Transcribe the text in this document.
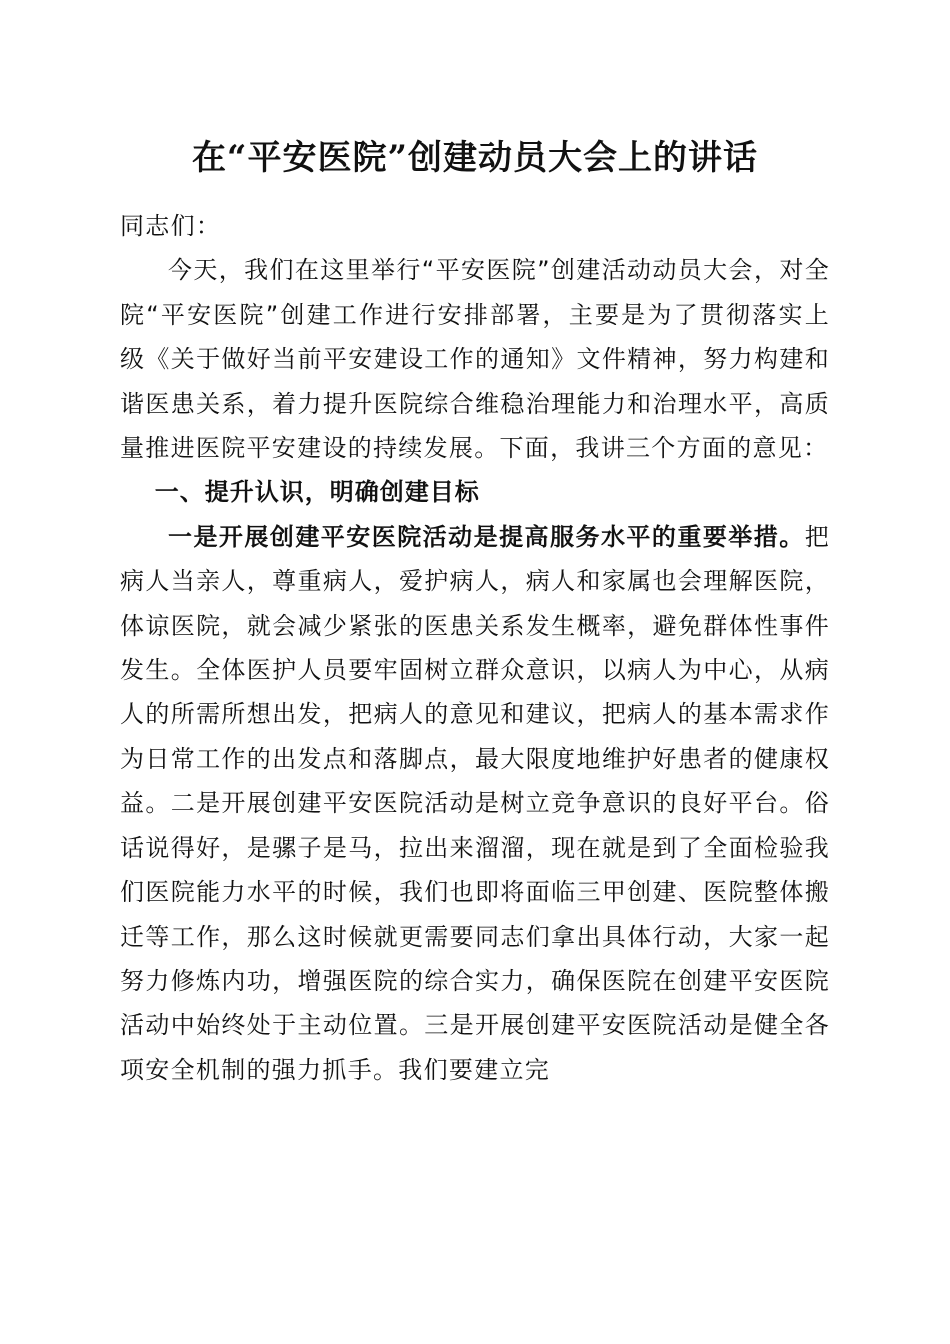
在“平安医院”创建动员大会上的讲话

同志们：

今天，我们在这里举行“平安医院”创建活动动员大会，对全院“平安医院”创建工作进行安排部署，主要是为了贯彻落实上级《关于做好当前平安建设工作的通知》文件精神，努力构建和谐医患关系，着力提升医院综合维稳治理能力和治理水平，高质量推进医院平安建设的持续发展。下面，我讲三个方面的意见：

一、提升认识，明确创建目标

一是开展创建平安医院活动是提高服务水平的重要举措。把病人当亲人，尊重病人，爱护病人，病人和家属也会理解医院，体谅医院，就会减少紧张的医患关系发生概率，避免群体性事件发生。全体医护人员要牢固树立群众意识，以病人为中心，从病人的所需所想出发，把病人的意见和建议，把病人的基本需求作为日常工作的出发点和落脚点，最大限度地维护好患者的健康权益。二是开展创建平安医院活动是树立竞争意识的良好平台。俗话说得好，是骡子是马，拉出来溜溜，现在就是到了全面检验我们医院能力水平的时候，我们也即将面临三甲创建、医院整体搬迁等工作，那么这时候就更需要同志们拿出具体行动，大家一起努力修炼内功，增强医院的综合实力，确保医院在创建平安医院活动中始终处于主动位置。三是开展创建平安医院活动是健全各项安全机制的强力抓手。我们要建立完
